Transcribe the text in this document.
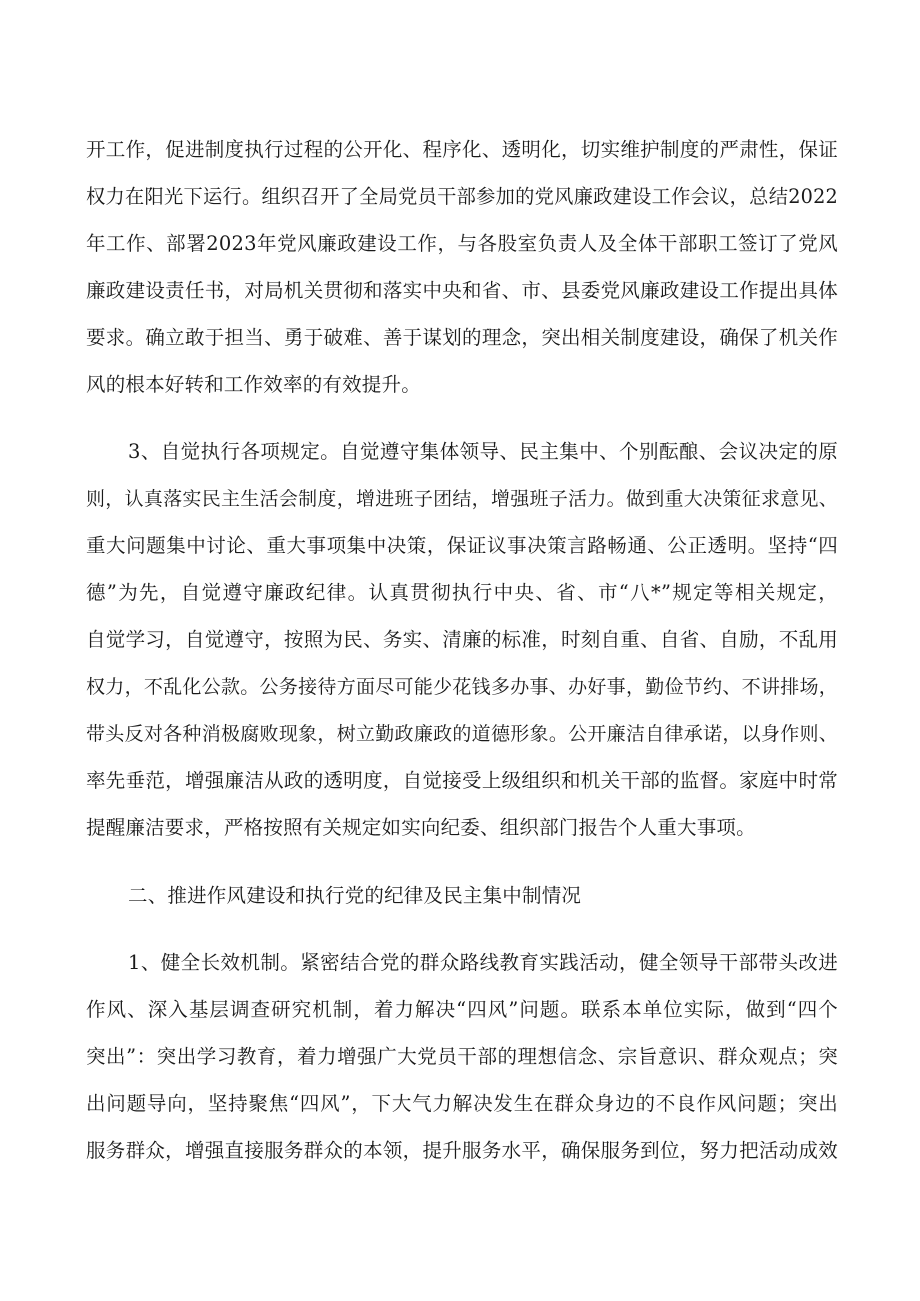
开工作，促进制度执行过程的公开化、程序化、透明化，切实维护制度的严肃性，保证
权力在阳光下运行。组织召开了全局党员干部参加的党风廉政建设工作会议，总结2022
年工作、部署2023年党风廉政建设工作，与各股室负责人及全体干部职工签订了党风
廉政建设责任书，对局机关贯彻和落实中央和省、市、县委党风廉政建设工作提出具体
要求。确立敢于担当、勇于破难、善于谋划的理念，突出相关制度建设，确保了机关作
风的根本好转和工作效率的有效提升。
3、自觉执行各项规定。自觉遵守集体领导、民主集中、个别酝酿、会议决定的原
则，认真落实民主生活会制度，增进班子团结，增强班子活力。做到重大决策征求意见、
重大问题集中讨论、重大事项集中决策，保证议事决策言路畅通、公正透明。坚持“四
德”为先，自觉遵守廉政纪律。认真贯彻执行中央、省、市“八*”规定等相关规定，
自觉学习，自觉遵守，按照为民、务实、清廉的标准，时刻自重、自省、自励，不乱用
权力，不乱化公款。公务接待方面尽可能少花钱多办事、办好事，勤俭节约、不讲排场，
带头反对各种消极腐败现象，树立勤政廉政的道德形象。公开廉洁自律承诺，以身作则、
率先垂范，增强廉洁从政的透明度，自觉接受上级组织和机关干部的监督。家庭中时常
提醒廉洁要求，严格按照有关规定如实向纪委、组织部门报告个人重大事项。
二、推进作风建设和执行党的纪律及民主集中制情况
1、健全长效机制。紧密结合党的群众路线教育实践活动，健全领导干部带头改进
作风、深入基层调查研究机制，着力解决“四风”问题。联系本单位实际，做到“四个
突出”：突出学习教育，着力增强广大党员干部的理想信念、宗旨意识、群众观点；突
出问题导向，坚持聚焦“四风”，下大气力解决发生在群众身边的不良作风问题；突出
服务群众，增强直接服务群众的本领，提升服务水平，确保服务到位，努力把活动成效
